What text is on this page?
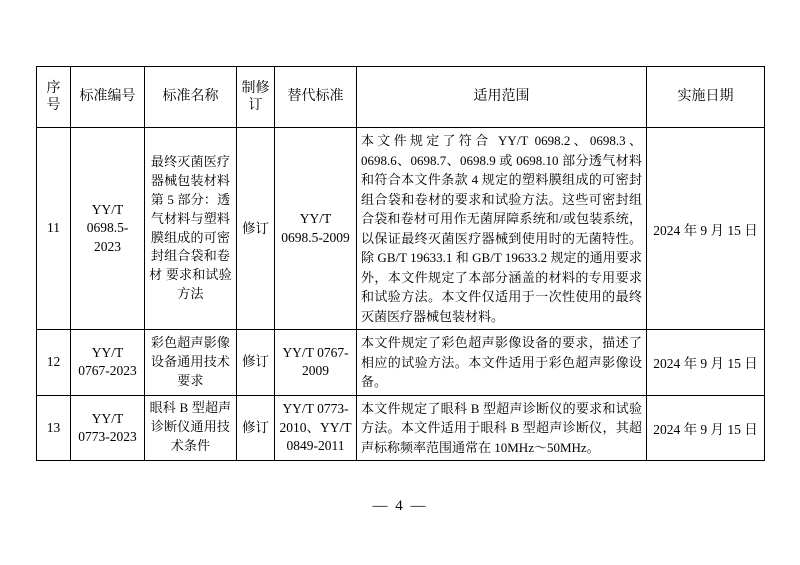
序号	标准编号	标准名称	制修订	替代标准	适用范围	实施日期
11	YY/T 0698.5-2023	最终灭菌医疗器械包装材料 第 5 部分：透气材料与塑料膜组成的可密封组合袋和卷材 要求和试验方法	修订	YY/T 0698.5-2009	本文件规定了符合 YY/T 0698.2、0698.3、0698.6、0698.7、0698.9 或 0698.10 部分透气材料和符合本文件条款 4 规定的塑料膜组成的可密封组合袋和卷材的要求和试验方法。这些可密封组合袋和卷材可用作无菌屏障系统和/或包装系统，以保证最终灭菌医疗器械到使用时的无菌特性。除 GB/T 19633.1 和 GB/T 19633.2 规定的通用要求外，本文件规定了本部分涵盖的材料的专用要求和试验方法。本文件仅适用于一次性使用的最终灭菌医疗器械包装材料。	2024 年 9 月 15 日
12	YY/T 0767-2023	彩色超声影像设备通用技术要求	修订	YY/T 0767-2009	本文件规定了彩色超声影像设备的要求，描述了相应的试验方法。本文件适用于彩色超声影像设备。	2024 年 9 月 15 日
13	YY/T 0773-2023	眼科 B 型超声诊断仪通用技术条件	修订	YY/T 0773-2010、YY/T 0849-2011	本文件规定了眼科 B 型超声诊断仪的要求和试验方法。本文件适用于眼科 B 型超声诊断仪，其超声标称频率范围通常在 10MHz～50MHz。	2024 年 9 月 15 日
— 4 —
